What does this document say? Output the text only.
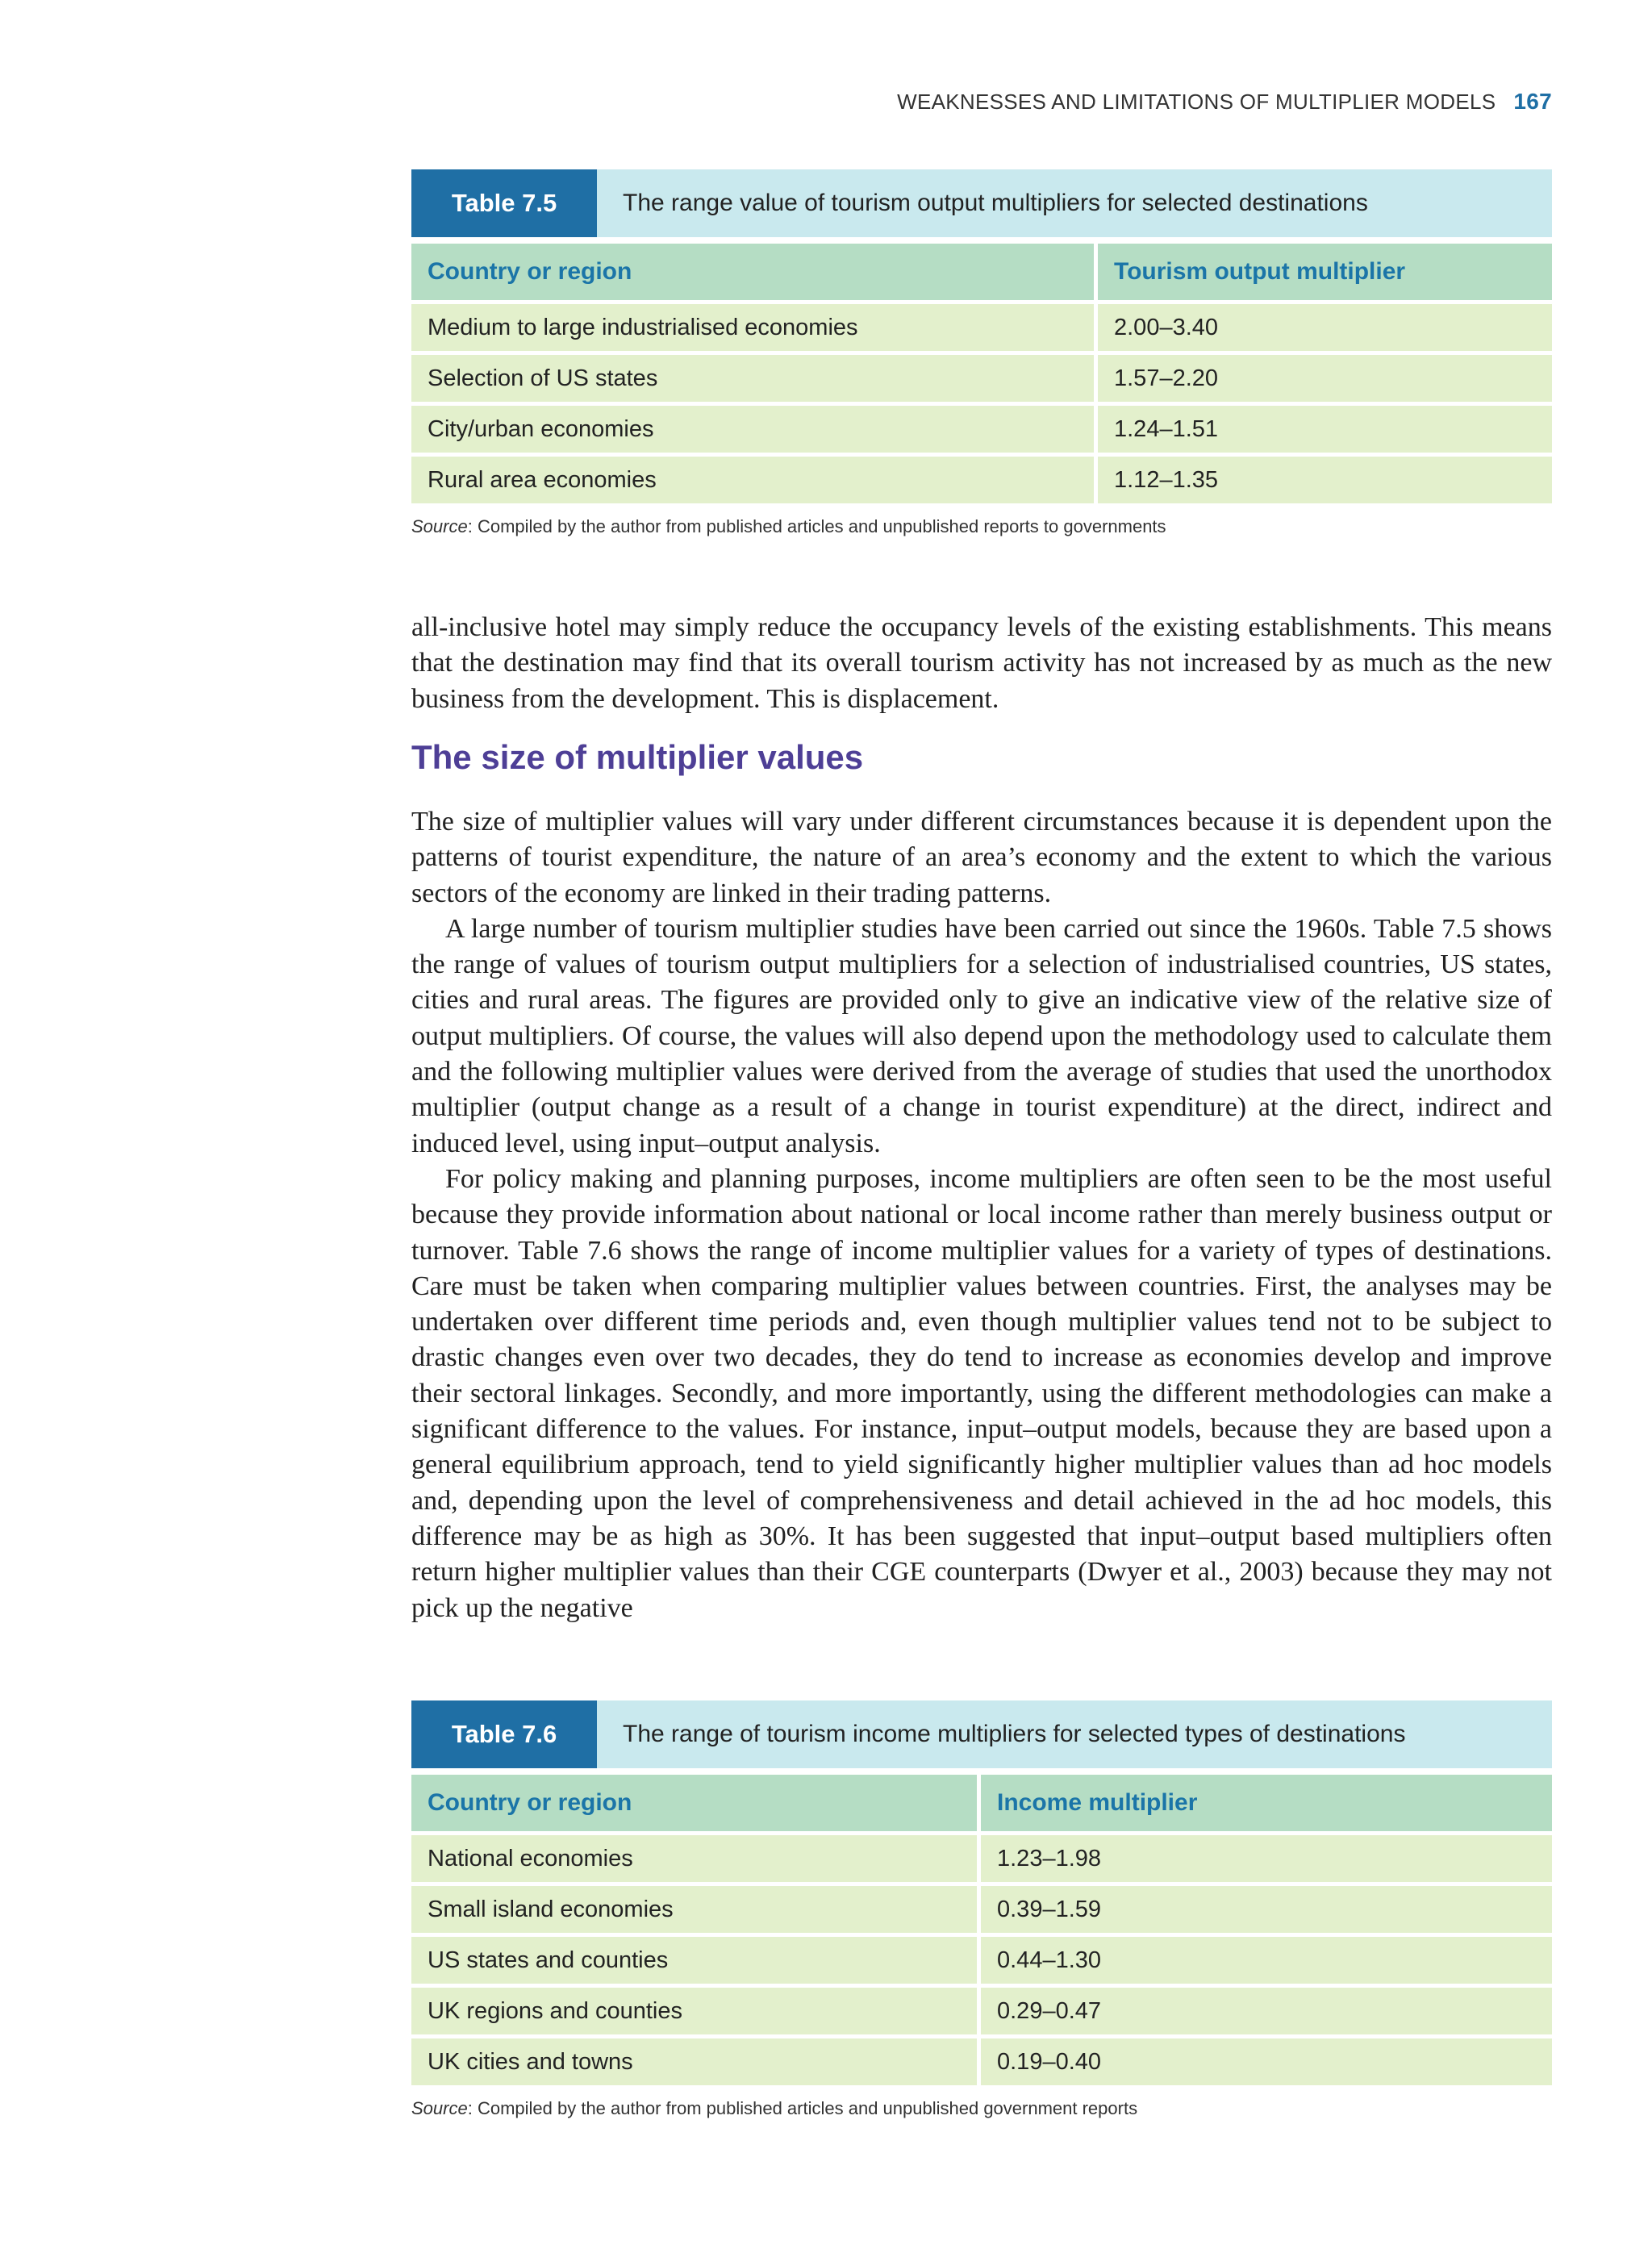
WEAKNESSES AND LIMITATIONS OF MULTIPLIER MODELS 167
Table 7.5	The range value of tourism output multipliers for selected destinations
Country or region	Tourism output multiplier
Medium to large industrialised economies	2.00–3.40
Selection of US states	1.57–2.20
City/urban economies	1.24–1.51
Rural area economies	1.12–1.35
Source: Compiled by the author from published articles and unpublished reports to governments

all-inclusive hotel may simply reduce the occupancy levels of the existing establishments. This means that the destination may find that its overall tourism activity has not increased by as much as the new business from the development. This is displacement.

The size of multiplier values

The size of multiplier values will vary under different circumstances because it is dependent upon the patterns of tourist expenditure, the nature of an area’s economy and the extent to which the various sectors of the economy are linked in their trading patterns.

A large number of tourism multiplier studies have been carried out since the 1960s. Table 7.5 shows the range of values of tourism output multipliers for a selection of industrialised countries, US states, cities and rural areas. The figures are provided only to give an indicative view of the relative size of output multipliers. Of course, the values will also depend upon the methodology used to calculate them and the following multiplier values were derived from the average of studies that used the unorthodox multiplier (output change as a result of a change in tourist expenditure) at the direct, indirect and induced level, using input–output analysis.

For policy making and planning purposes, income multipliers are often seen to be the most useful because they provide information about national or local income rather than merely business output or turnover. Table 7.6 shows the range of income multiplier values for a variety of types of destinations. Care must be taken when comparing multiplier values between countries. First, the analyses may be undertaken over different time periods and, even though multiplier values tend not to be subject to drastic changes even over two decades, they do tend to increase as economies develop and improve their sectoral linkages. Secondly, and more importantly, using the different methodologies can make a significant difference to the values. For instance, input–output models, because they are based upon a general equilibrium approach, tend to yield significantly higher multiplier values than ad hoc models and, depending upon the level of comprehensiveness and detail achieved in the ad hoc models, this difference may be as high as 30%. It has been suggested that input–output based multipliers often return higher multiplier values than their CGE counterparts (Dwyer et al., 2003) because they may not pick up the negative

Table 7.6	The range of tourism income multipliers for selected types of destinations
Country or region	Income multiplier
National economies	1.23–1.98
Small island economies	0.39–1.59
US states and counties	0.44–1.30
UK regions and counties	0.29–0.47
UK cities and towns	0.19–0.40
Source: Compiled by the author from published articles and unpublished government reports
